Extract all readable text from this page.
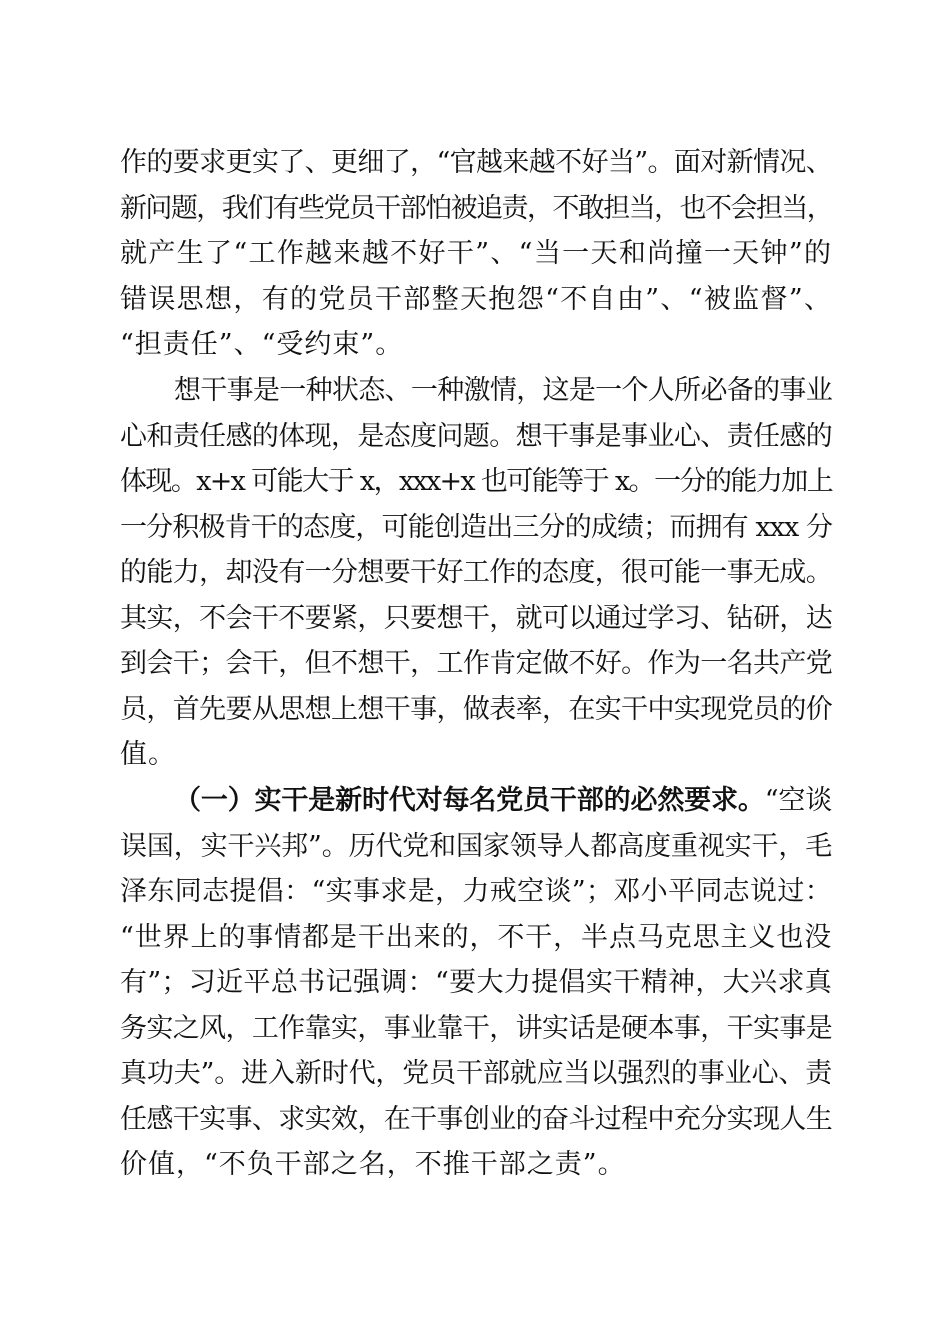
作的要求更实了、更细了，“官越来越不好当”。面对新情况、
新问题，我们有些党员干部怕被追责，不敢担当，也不会担当，
就产生了“工作越来越不好干”、“当一天和尚撞一天钟”的
错误思想，有的党员干部整天抱怨“不自由”、“被监督”、
“担责任”、“受约束”。
想干事是一种状态、一种激情，这是一个人所必备的事业
心和责任感的体现，是态度问题。想干事是事业心、责任感的
体现。x+x 可能大于 x，xxx+x 也可能等于 x。一分的能力加上
一分积极肯干的态度，可能创造出三分的成绩；而拥有 xxx 分
的能力，却没有一分想要干好工作的态度，很可能一事无成。
其实，不会干不要紧，只要想干，就可以通过学习、钻研，达
到会干；会干，但不想干，工作肯定做不好。作为一名共产党
员，首先要从思想上想干事，做表率，在实干中实现党员的价
值。
（一）实干是新时代对每名党员干部的必然要求。“空谈
误国，实干兴邦”。历代党和国家领导人都高度重视实干，毛
泽东同志提倡：“实事求是，力戒空谈”；邓小平同志说过：
“世界上的事情都是干出来的，不干，半点马克思主义也没
有”；习近平总书记强调：“要大力提倡实干精神，大兴求真
务实之风，工作靠实，事业靠干，讲实话是硬本事，干实事是
真功夫”。进入新时代，党员干部就应当以强烈的事业心、责
任感干实事、求实效，在干事创业的奋斗过程中充分实现人生
价值，“不负干部之名，不推干部之责”。
